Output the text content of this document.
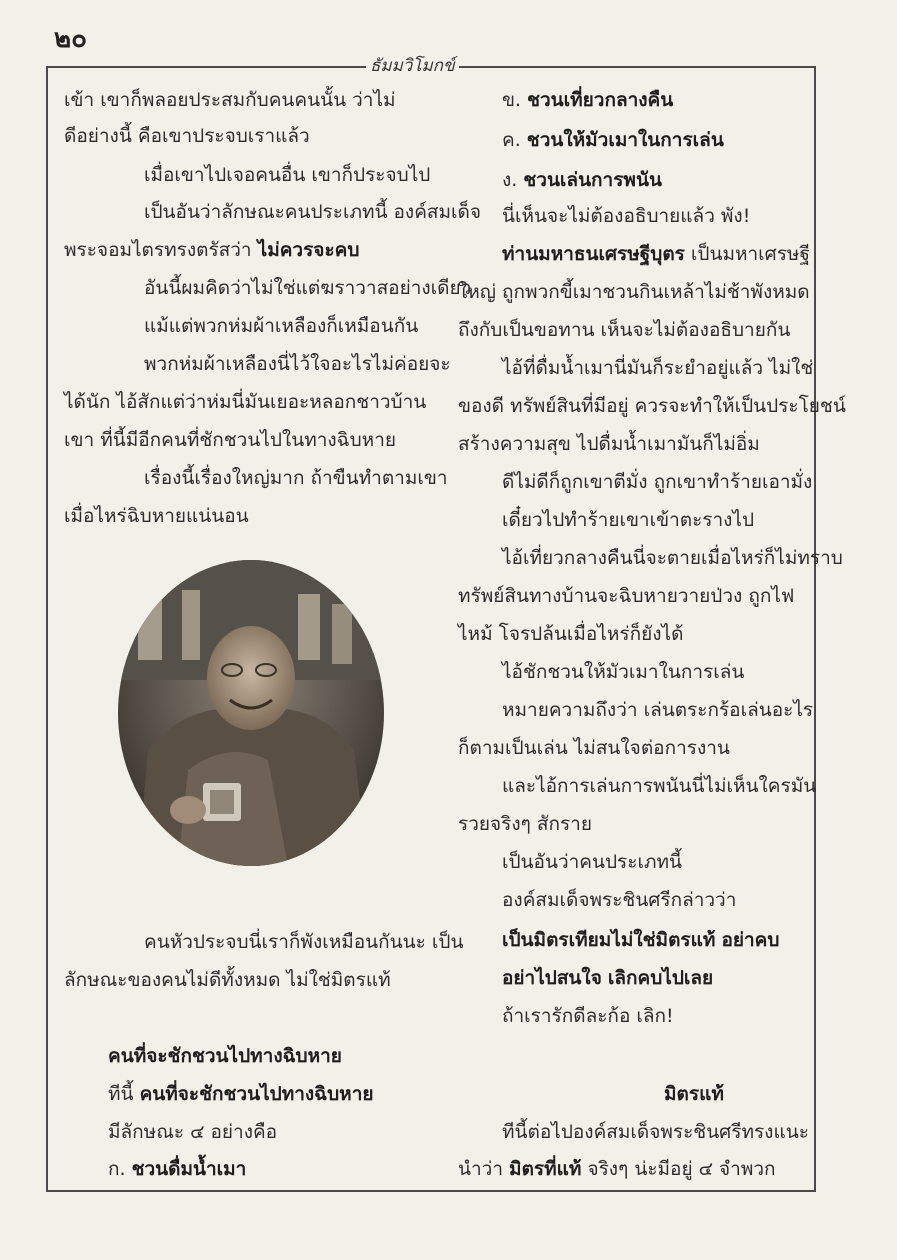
๒๐
ธัมมวิโมกข์
เข้า เขาก็พลอยประสมกับคนคนนั้น ว่าไม่
ดีอย่างนี้ คือเขาประจบเราแล้ว
เมื่อเขาไปเจอคนอื่น เขาก็ประจบไป
เป็นอันว่าลักษณะคนประเภทนี้ องค์สมเด็จ
พระจอมไตรทรงตรัสว่า ไม่ควรจะคบ
อันนี้ผมคิดว่าไม่ใช่แต่ฆราวาสอย่างเดียว
แม้แต่พวกห่มผ้าเหลืองก็เหมือนกัน
พวกห่มผ้าเหลืองนี่ไว้ใจอะไรไม่ค่อยจะ
ได้นัก ไอ้สักแต่ว่าห่มนี่มันเยอะหลอกชาวบ้าน
เขา ที่นี้มีอีกคนที่ชักชวนไปในทางฉิบหาย
เรื่องนี้เรื่องใหญ่มาก ถ้าขืนทำตามเขา
เมื่อไหร่ฉิบหายแน่นอน
คนหัวประจบนี่เราก็พังเหมือนกันนะ เป็น
ลักษณะของคนไม่ดีทั้งหมด ไม่ใช่มิตรแท้
คนที่จะชักชวนไปทางฉิบหาย
ทีนี้ คนที่จะชักชวนไปทางฉิบหาย
มีลักษณะ ๔ อย่างคือ
ก. ชวนดื่มน้ำเมา
ข. ชวนเที่ยวกลางคืน
ค. ชวนให้มัวเมาในการเล่น
ง. ชวนเล่นการพนัน
นี่เห็นจะไม่ต้องอธิบายแล้ว พัง!
ท่านมหาธนเศรษฐีบุตร เป็นมหาเศรษฐี
ใหญ่ ถูกพวกขี้เมาชวนกินเหล้าไม่ช้าพังหมด
ถึงกับเป็นขอทาน เห็นจะไม่ต้องอธิบายกัน
ไอ้ที่ดื่มน้ำเมานี่มันก็ระยำอยู่แล้ว ไม่ใช่
ของดี ทรัพย์สินที่มีอยู่ ควรจะทำให้เป็นประโยชน์
สร้างความสุข ไปดื่มน้ำเมามันก็ไม่อิ่ม
ดีไม่ดีก็ถูกเขาตีมั่ง ถูกเขาทำร้ายเอามั่ง
เดี๋ยวไปทำร้ายเขาเข้าตะรางไป
ไอ้เที่ยวกลางคืนนี่จะตายเมื่อไหร่ก็ไม่ทราบ
ทรัพย์สินทางบ้านจะฉิบหายวายป่วง ถูกไฟ
ไหม้ โจรปล้นเมื่อไหร่ก็ยังได้
ไอ้ชักชวนให้มัวเมาในการเล่น
หมายความถึงว่า เล่นตระกร้อเล่นอะไร
ก็ตามเป็นเล่น ไม่สนใจต่อการงาน
และไอ้การเล่นการพนันนี่ไม่เห็นใครมัน
รวยจริงๆ สักราย
เป็นอันว่าคนประเภทนี้
องค์สมเด็จพระชินศรีกล่าวว่า
เป็นมิตรเทียมไม่ใช่มิตรแท้ อย่าคบ
อย่าไปสนใจ เลิกคบไปเลย
ถ้าเรารักดีละก้อ เลิก!
มิตรแท้
ทีนี้ต่อไปองค์สมเด็จพระชินศรีทรงแนะ
นำว่า มิตรที่แท้ จริงๆ น่ะมีอยู่ ๔ จำพวก
